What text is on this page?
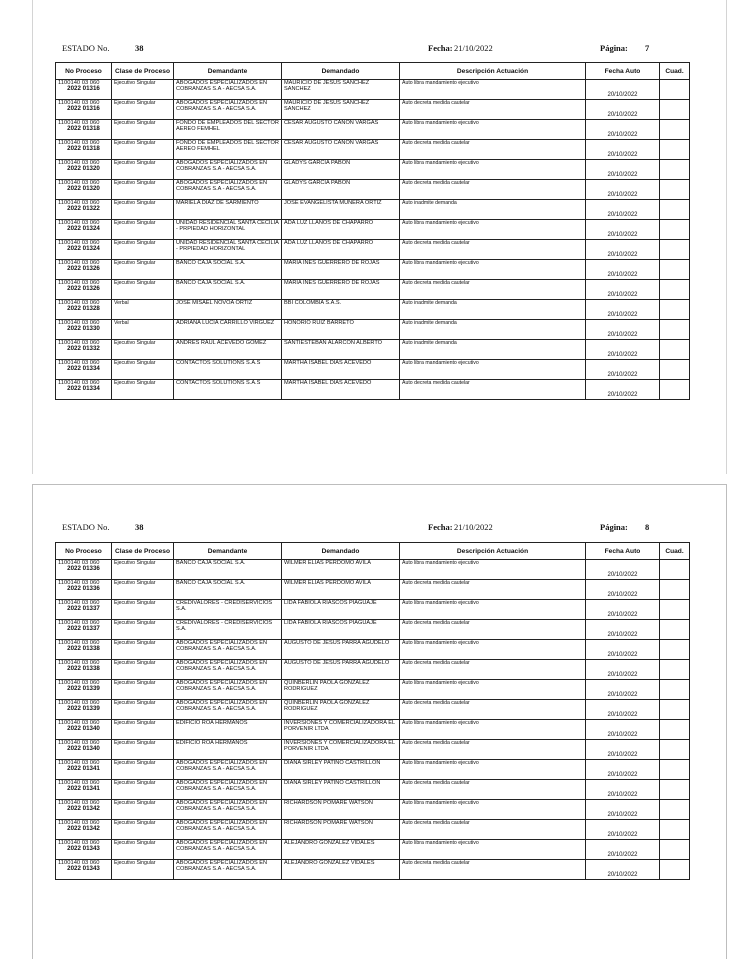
ESTADO No.	38	Fecha: 21/10/2022	Página: 7
No Proceso	Clase de Proceso	Demandante	Demandado	Descripción Actuación	Fecha Auto	Cuad.

1100140 03 060
2022 01316	Ejecutivo Singular	ABOGADOS ESPECIALIZADOS EN COBRANZAS S.A - AECSA S.A.	MAURICIO DE JESUS SANCHEZ SANCHEZ	Auto libra mandamiento ejecutivo	20/10/2022	

1100140 03 060
2022 01316	Ejecutivo Singular	ABOGADOS ESPECIALIZADOS EN COBRANZAS S.A - AECSA S.A.	MAURICIO DE JESUS SANCHEZ SANCHEZ	Auto decreta medida cautelar	20/10/2022	

1100140 03 060
2022 01318	Ejecutivo Singular	FONDO DE EMPLEADOS DEL SECTOR AEREO FEMHEL	CESAR AUGUSTO CAÑON VARGAS	Auto libra mandamiento ejecutivo	20/10/2022	

1100140 03 060
2022 01318	Ejecutivo Singular	FONDO DE EMPLEADOS DEL SECTOR AEREO FEMHEL	CESAR AUGUSTO CAÑON VARGAS	Auto decreta medida cautelar	20/10/2022	

1100140 03 060
2022 01320	Ejecutivo Singular	ABOGADOS ESPECIALIZADOS EN COBRANZAS S.A - AECSA S.A.	GLADYS GARCIA PABON	Auto libra mandamiento ejecutivo	20/10/2022	

1100140 03 060
2022 01320	Ejecutivo Singular	ABOGADOS ESPECIALIZADOS EN COBRANZAS S.A - AECSA S.A.	GLADYS GARCIA PABON	Auto decreta medida cautelar	20/10/2022	

1100140 03 060
2022 01322	Ejecutivo Singular	MARIELA DIAZ DE SARMIENTO	JOSE EVANGELISTA MUNERA ORTIZ	Auto inadmite demanda	20/10/2022	

1100140 03 060
2022 01324	Ejecutivo Singular	UNIDAD RESIDENCIAL SANTA CECILIA - PRPIEDAD HORIZONTAL	ADA LUZ LLANOS DE CHAPARRO	Auto libra mandamiento ejecutivo	20/10/2022	

1100140 03 060
2022 01324	Ejecutivo Singular	UNIDAD RESIDENCIAL SANTA CECILIA - PRPIEDAD HORIZONTAL	ADA LUZ LLANOS DE CHAPARRO	Auto decreta medida cautelar	20/10/2022	

1100140 03 060
2022 01326	Ejecutivo Singular	BANCO CAJA SOCIAL S.A.	MARIA INES GUERRERO DE ROJAS	Auto libra mandamiento ejecutivo	20/10/2022	

1100140 03 060
2022 01326	Ejecutivo Singular	BANCO CAJA SOCIAL S.A.	MARIA INES GUERRERO DE ROJAS	Auto decreta medida cautelar	20/10/2022	

1100140 03 060
2022 01328	Verbal	JOSE MISAEL NOVOA ORTIZ	BBI COLOMBIA S.A.S.	Auto inadmite demanda	20/10/2022	

1100140 03 060
2022 01330	Verbal	ADRIANA LUCIA CARRILLO VIRGUEZ	HONORIO RUIZ BARRETO	Auto inadmite demanda	20/10/2022	

1100140 03 060
2022 01332	Ejecutivo Singular	ANDRES RAUL ACEVEDO GOMEZ	SANTIESTEBAN ALARCON ALBERTO	Auto inadmite demanda	20/10/2022	

1100140 03 060
2022 01334	Ejecutivo Singular	CONTACTOS SOLUTIONS S.A.S	MARTHA ISABEL DIAS ACEVEDO	Auto libra mandamiento ejecutivo	20/10/2022	

1100140 03 060
2022 01334	Ejecutivo Singular	CONTACTOS SOLUTIONS S.A.S	MARTHA ISABEL DIAS ACEVEDO	Auto decreta medida cautelar	20/10/2022	
ESTADO No.	38	Fecha: 21/10/2022	Página: 8
No Proceso	Clase de Proceso	Demandante	Demandado	Descripción Actuación	Fecha Auto	Cuad.

1100140 03 060
2022 01336	Ejecutivo Singular	BANCO CAJA SOCIAL S.A.	WILMER ELIAS PERDOMO AVILA	Auto libra mandamiento ejecutivo	20/10/2022	

1100140 03 060
2022 01336	Ejecutivo Singular	BANCO CAJA SOCIAL S.A.	WILMER ELIAS PERDOMO AVILA	Auto decreta medida cautelar	20/10/2022	

1100140 03 060
2022 01337	Ejecutivo Singular	CREDIVALORES - CREDISERVICIOS S.A.	LIDA FABIOLA RIASCOS PIAGUAJE	Auto libra mandamiento ejecutivo	20/10/2022	

1100140 03 060
2022 01337	Ejecutivo Singular	CREDIVALORES - CREDISERVICIOS S.A.	LIDA FABIOLA RIASCOS PIAGUAJE	Auto decreta medida cautelar	20/10/2022	

1100140 03 060
2022 01338	Ejecutivo Singular	ABOGADOS ESPECIALIZADOS EN COBRANZAS S.A - AECSA S.A.	AUGUSTO DE JESUS PARRA AGUDELO	Auto libra mandamiento ejecutivo	20/10/2022	

1100140 03 060
2022 01338	Ejecutivo Singular	ABOGADOS ESPECIALIZADOS EN COBRANZAS S.A - AECSA S.A.	AUGUSTO DE JESUS PARRA AGUDELO	Auto decreta medida cautelar	20/10/2022	

1100140 03 060
2022 01339	Ejecutivo Singular	ABOGADOS ESPECIALIZADOS EN COBRANZAS S.A - AECSA S.A.	QUINBERLIN PAOLA GONZALEZ RODRIGUEZ	Auto libra mandamiento ejecutivo	20/10/2022	

1100140 03 060
2022 01339	Ejecutivo Singular	ABOGADOS ESPECIALIZADOS EN COBRANZAS S.A - AECSA S.A.	QUINBERLIN PAOLA GONZALEZ RODRIGUEZ	Auto decreta medida cautelar	20/10/2022	

1100140 03 060
2022 01340	Ejecutivo Singular	EDIFICIO ROA HERMANOS	INVERSIONES Y COMERCIALIZADORA EL PORVENIR LTDA	Auto libra mandamiento ejecutivo	20/10/2022	

1100140 03 060
2022 01340	Ejecutivo Singular	EDIFICIO ROA HERMANOS	INVERSIONES Y COMERCIALIZADORA EL PORVENIR LTDA	Auto decreta medida cautelar	20/10/2022	

1100140 03 060
2022 01341	Ejecutivo Singular	ABOGADOS ESPECIALIZADOS EN COBRANZAS S.A - AECSA S.A.	DIANA SIRLEY PATIÑO CASTRILLON	Auto libra mandamiento ejecutivo	20/10/2022	

1100140 03 060
2022 01341	Ejecutivo Singular	ABOGADOS ESPECIALIZADOS EN COBRANZAS S.A - AECSA S.A.	DIANA SIRLEY PATIÑO CASTRILLON	Auto decreta medida cautelar	20/10/2022	

1100140 03 060
2022 01342	Ejecutivo Singular	ABOGADOS ESPECIALIZADOS EN COBRANZAS S.A - AECSA S.A.	RICHARDSON POMARE WATSON	Auto libra mandamiento ejecutivo	20/10/2022	

1100140 03 060
2022 01342	Ejecutivo Singular	ABOGADOS ESPECIALIZADOS EN COBRANZAS S.A - AECSA S.A.	RICHARDSON POMARE WATSON	Auto decreta medida cautelar	20/10/2022	

1100140 03 060
2022 01343	Ejecutivo Singular	ABOGADOS ESPECIALIZADOS EN COBRANZAS S.A - AECSA S.A.	ALEJANDRO GONZALEZ VIDALES	Auto libra mandamiento ejecutivo	20/10/2022	

1100140 03 060
2022 01343	Ejecutivo Singular	ABOGADOS ESPECIALIZADOS EN COBRANZAS S.A - AECSA S.A.	ALEJANDRO GONZALEZ VIDALES	Auto decreta medida cautelar	20/10/2022	
